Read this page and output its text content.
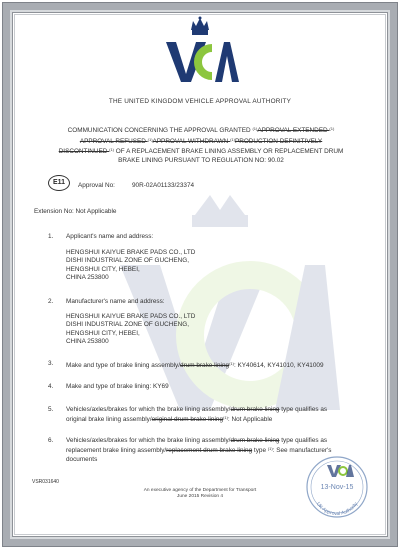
THE UNITED KINGDOM VEHICLE APPROVAL AUTHORITY
COMMUNICATION CONCERNING THE APPROVAL GRANTED $^{(1)}$APPROVAL EXTENDED $^{(1)}$
APPROVAL REFUSED $^{(1)}$APPROVAL WITHDRAWN $^{(1)}$PRODUCTION DEFINITIVELY
DISCONTINUED $^{(1)}$ OF A REPLACEMENT BRAKE LINING ASSEMBLY OR REPLACEMENT DRUM
BRAKE LINING PURSUANT TO REGULATION NO: 90.02
E11	Approval No:	90R-02A01133/23374
Extension No: Not Applicable
1. Applicant's name and address:
HENGSHUI KAIYUE BRAKE PADS CO., LTD
DISHI INDUSTRIAL ZONE OF GUCHENG,
HENGSHUI CITY, HEBEI,
CHINA 253800
2. Manufacturer's name and address:
HENGSHUI KAIYUE BRAKE PADS CO., LTD
DISHI INDUSTRIAL ZONE OF GUCHENG,
HENGSHUI CITY, HEBEI,
CHINA 253800
3. Make and type of brake lining assembly/drum brake lining$^{(1)}$: KY40614, KY41010, KY41009
4. Make and type of brake lining: KY69
5. Vehicles/axles/brakes for which the brake lining assembly/drum brake lining type qualifies as
original brake lining assembly/original drum brake lining$^{(1)}$: Not Applicable
6. Vehicles/axles/brakes for which the brake lining assembly/drum brake lining type qualifies as
replacement brake lining assembly/replacement drum brake lining type $^{(1)}$: See manufacturer's
documents
VSR031640
An executive agency of the Department for Transport
June 2015 Revision 4
13-Nov-15
UK Approval Authority
